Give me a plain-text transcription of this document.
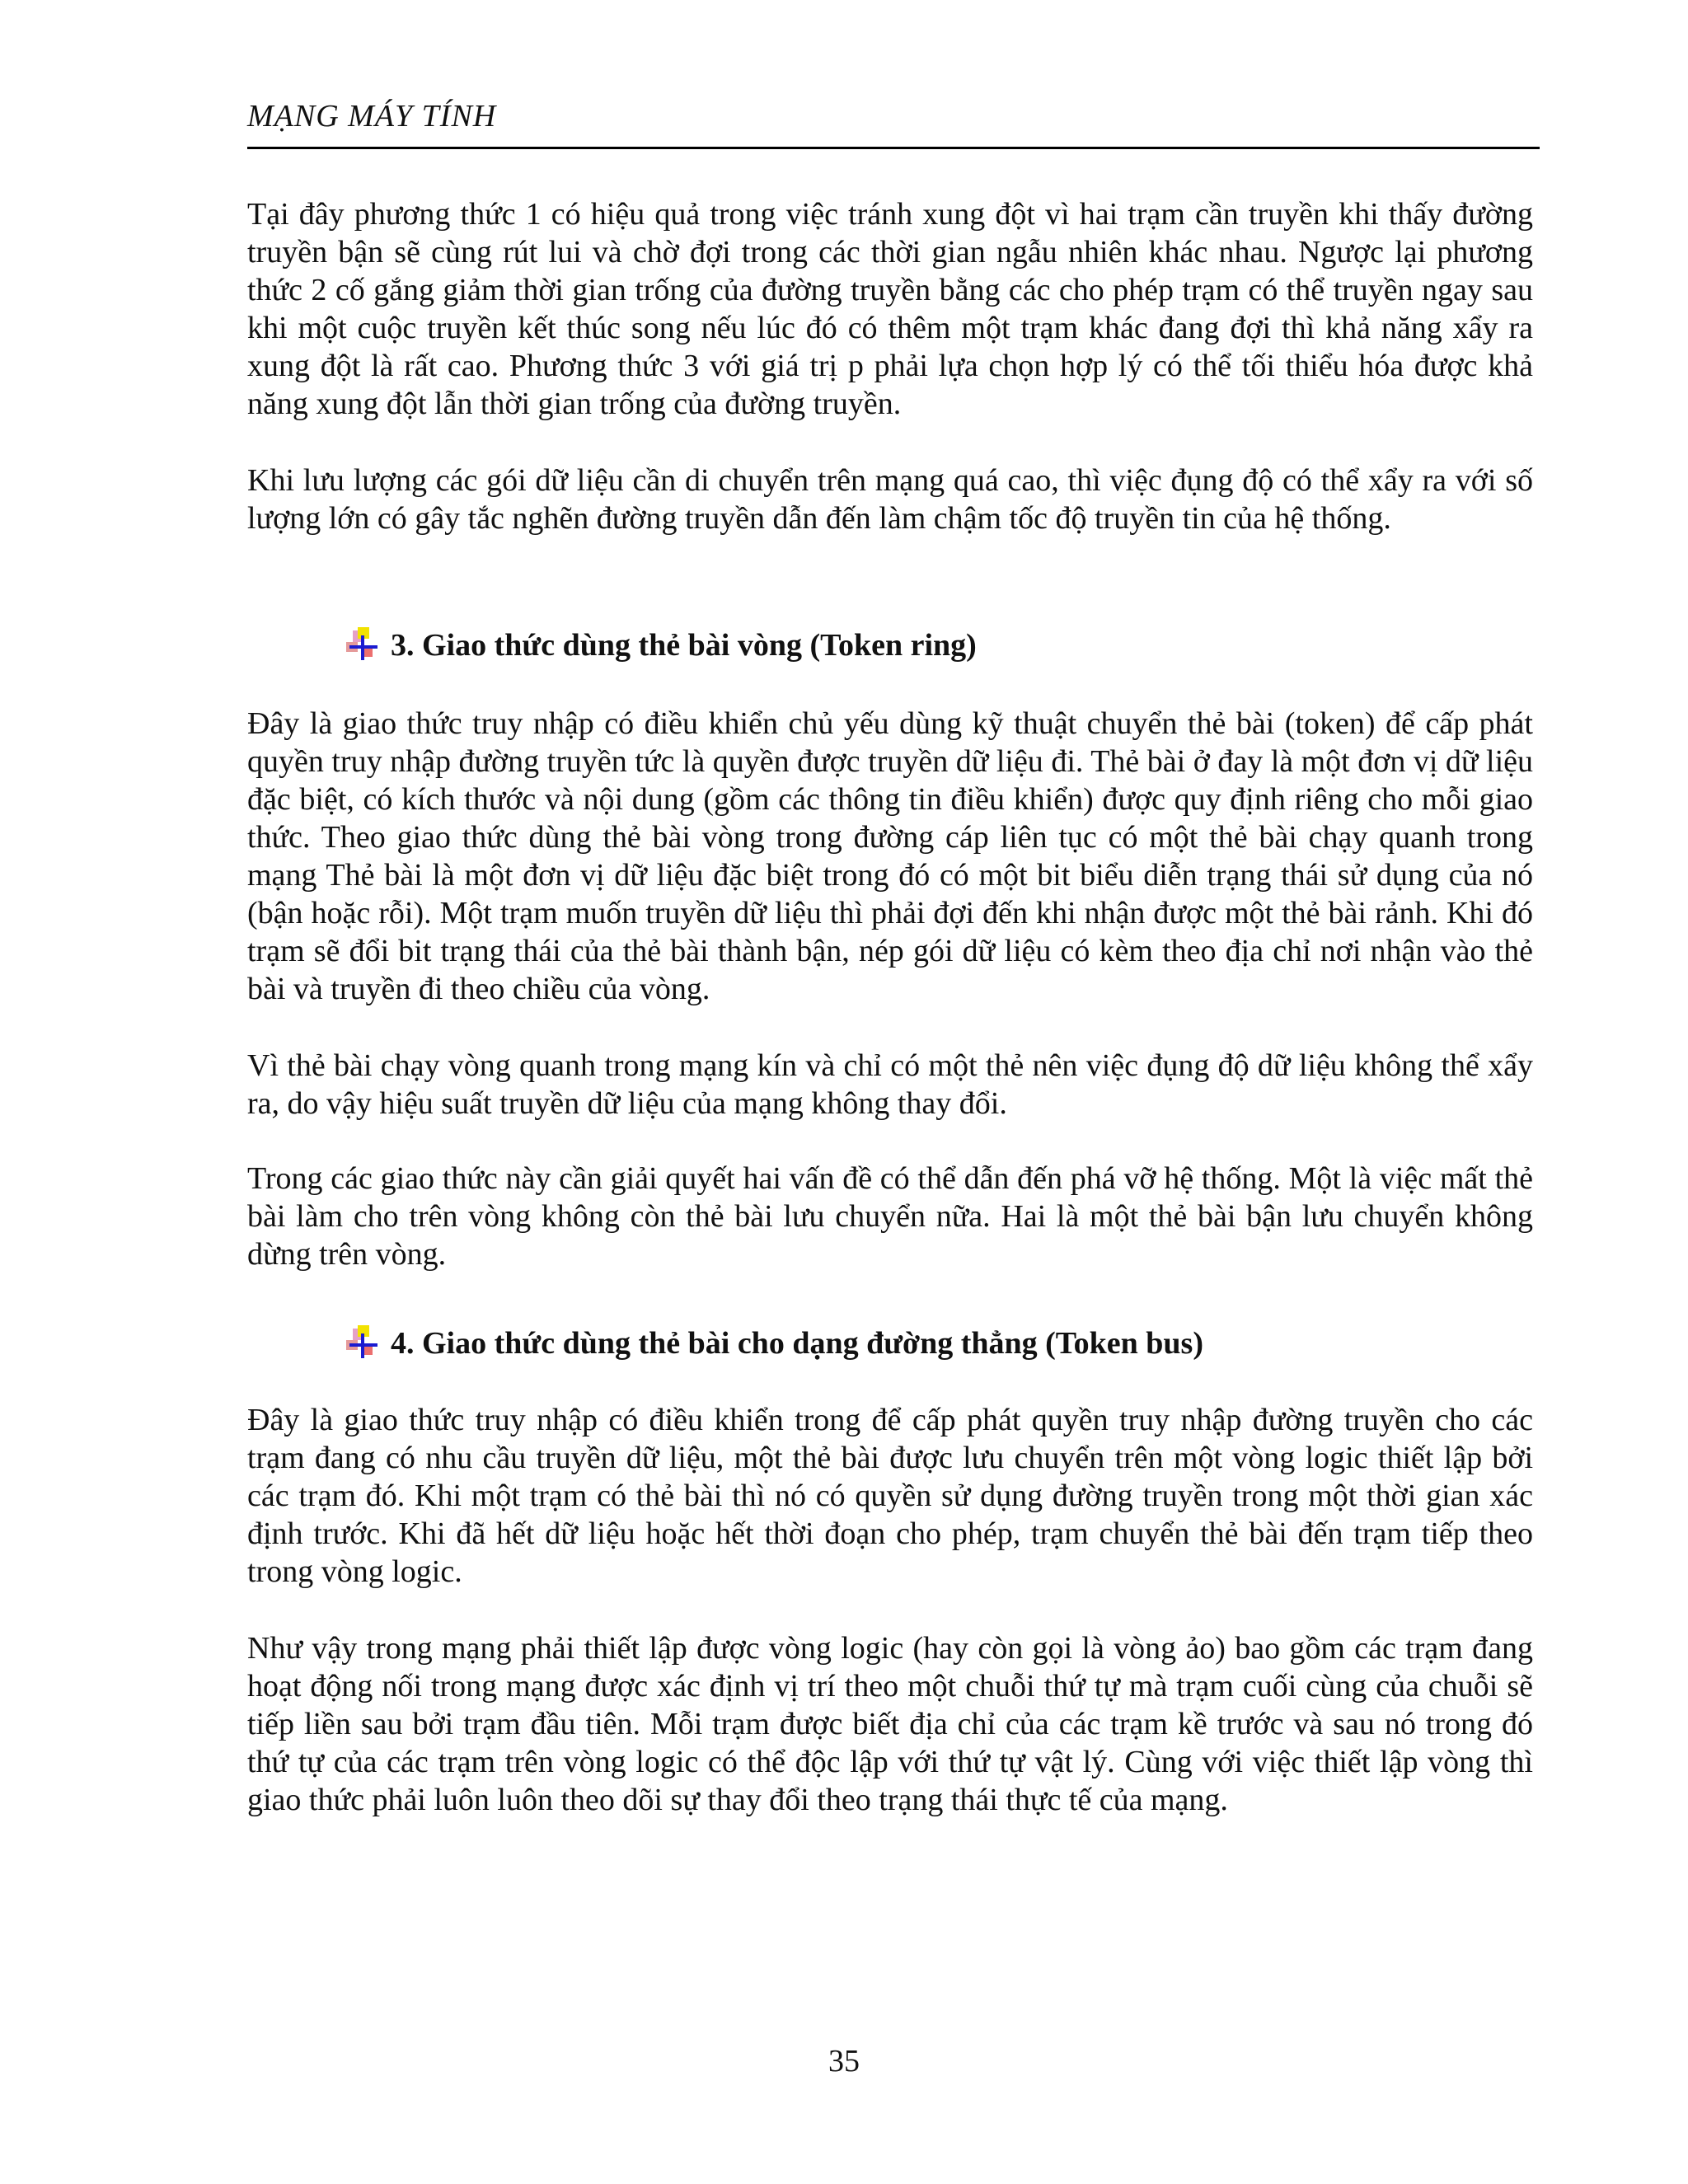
MẠNG MÁY TÍNH

Tại đây phương thức 1 có hiệu quả trong việc tránh xung đột vì hai trạm cần truyền khi thấy đường truyền bận sẽ cùng rút lui và chờ đợi trong các thời gian ngẫu nhiên khác nhau. Ngược lại phương thức 2 cố gắng giảm thời gian trống của đường truyền bằng các cho phép trạm có thể truyền ngay sau khi một cuộc truyền kết thúc song nếu lúc đó có thêm một trạm khác đang đợi thì khả năng xẩy ra xung đột là rất cao. Phương thức 3 với giá trị p phải lựa chọn hợp lý có thể tối thiểu hóa được khả năng xung đột lẫn thời gian trống của đường truyền.

Khi lưu lượng các gói dữ liệu cần di chuyển trên mạng quá cao, thì việc đụng độ có thể xẩy ra với số lượng lớn có gây tắc nghẽn đường truyền dẫn đến làm chậm tốc độ truyền tin của hệ thống.

3. Giao thức dùng thẻ bài vòng (Token ring)

Đây là giao thức truy nhập có điều khiển chủ yếu dùng kỹ thuật chuyển thẻ bài (token) để cấp phát quyền truy nhập đường truyền tức là quyền được truyền dữ liệu đi. Thẻ bài ở đay là một đơn vị dữ liệu đặc biệt, có kích thước và nội dung (gồm các thông tin điều khiển) được quy định riêng cho mỗi giao thức. Theo giao thức dùng thẻ bài vòng trong đường cáp liên tục có một thẻ bài chạy quanh trong mạng Thẻ bài là một đơn vị dữ liệu đặc biệt trong đó có một bit biểu diễn trạng thái sử dụng của nó (bận hoặc rỗi). Một trạm muốn truyền dữ liệu thì phải đợi đến khi nhận được một thẻ bài rảnh. Khi đó trạm sẽ đổi bit trạng thái của thẻ bài thành bận, nép gói dữ liệu có kèm theo địa chỉ nơi nhận vào thẻ bài và truyền đi theo chiều của vòng.

Vì thẻ bài chạy vòng quanh trong mạng kín và chỉ có một thẻ nên việc đụng độ dữ liệu không thể xẩy ra, do vậy hiệu suất truyền dữ liệu của mạng không thay đổi.

Trong các giao thức này cần giải quyết hai vấn đề có thể dẫn đến phá vỡ hệ thống. Một là việc mất thẻ bài làm cho trên vòng không còn thẻ bài lưu chuyển nữa. Hai là một thẻ bài bận lưu chuyển không dừng trên vòng.

4. Giao thức dùng thẻ bài cho dạng đường thẳng (Token bus)

Đây là giao thức truy nhập có điều khiển trong để cấp phát quyền truy nhập đường truyền cho các trạm đang có nhu cầu truyền dữ liệu, một thẻ bài được lưu chuyển trên một vòng logic thiết lập bởi các trạm đó. Khi một trạm có thẻ bài thì nó có quyền sử dụng đường truyền trong một thời gian xác định trước. Khi đã hết dữ liệu hoặc hết thời đoạn cho phép, trạm chuyển thẻ bài đến trạm tiếp theo trong vòng logic.

Như vậy trong mạng phải thiết lập được vòng logic (hay còn gọi là vòng ảo) bao gồm các trạm đang hoạt động nối trong mạng được xác định vị trí theo một chuỗi thứ tự mà trạm cuối cùng của chuỗi sẽ tiếp liền sau bởi trạm đầu tiên. Mỗi trạm được biết địa chỉ của các trạm kề trước và sau nó trong đó thứ tự của các trạm trên vòng logic có thể độc lập với thứ tự vật lý. Cùng với việc thiết lập vòng thì giao thức phải luôn luôn theo dõi sự thay đổi theo trạng thái thực tế của mạng.

35
